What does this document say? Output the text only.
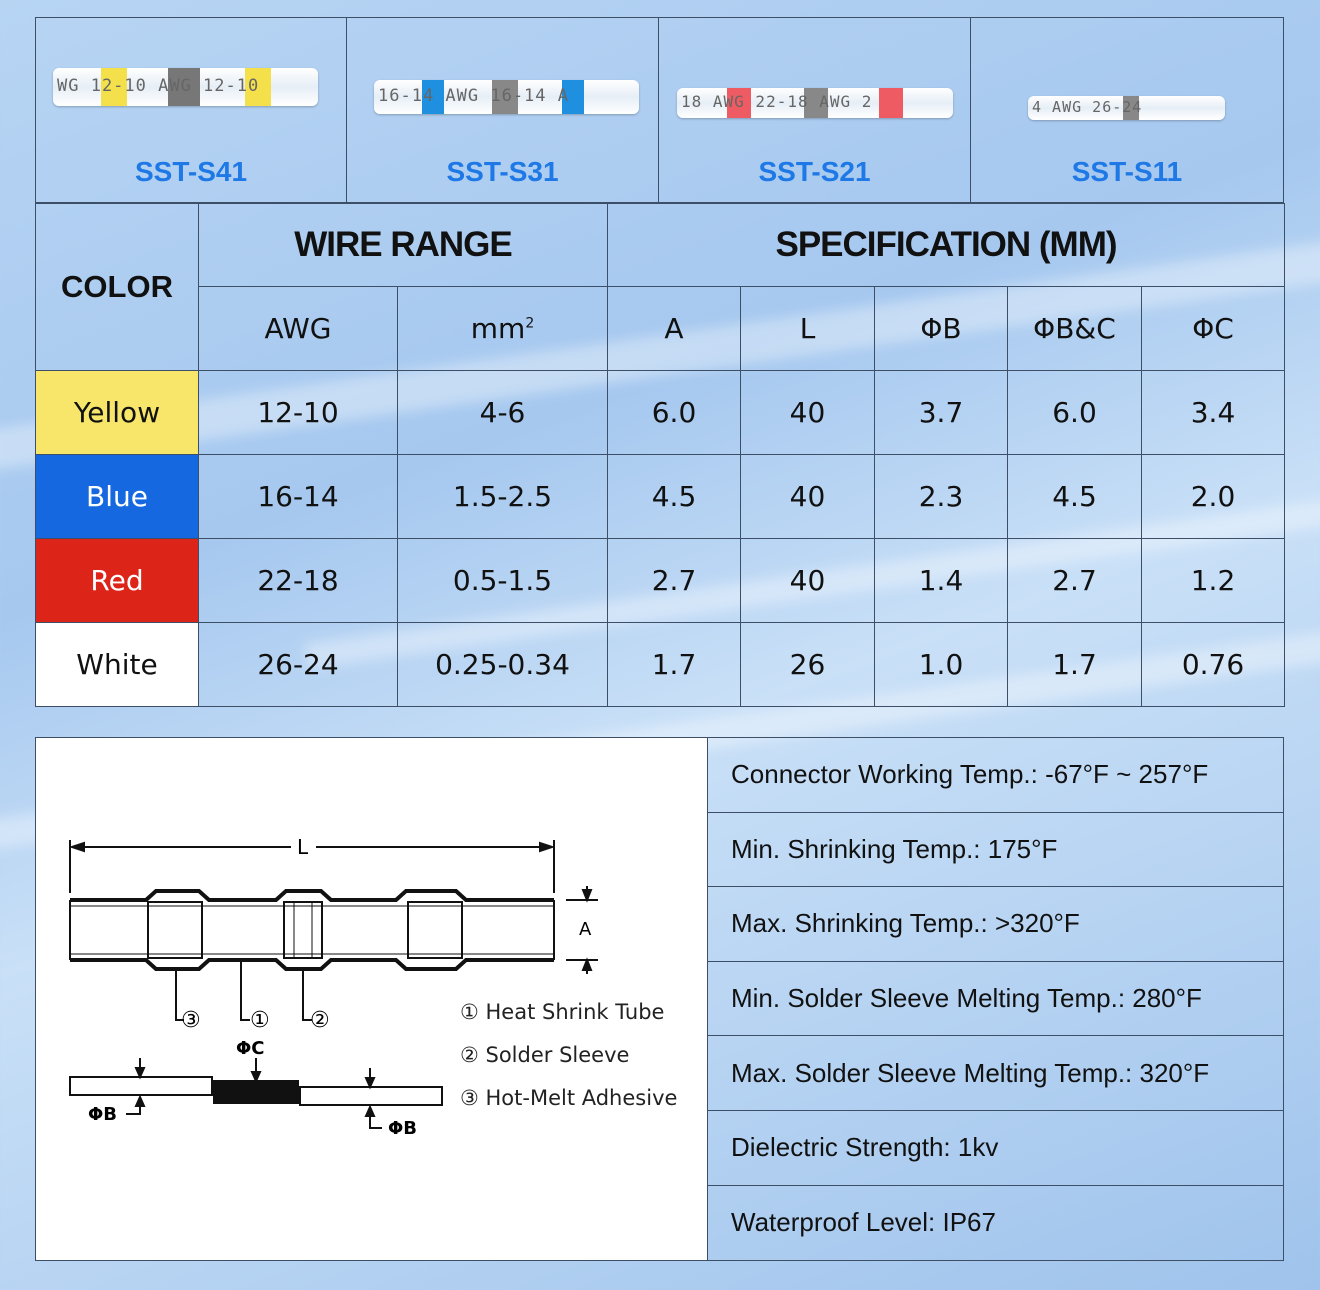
WG 12-10 AWG 12-10
SST-S41
16-14 AWG 16-14 A
SST-S31
18 AWG 22-18 AWG 2
SST-S21
4 AWG 26-24
SST-S11
COLOR	WIRE RANGE		SPECIFICATION (MM)				
	AWG	$mm^2$	A	L	ΦB	ΦB&C	ΦC
Yellow	12-10	4-6	6.0	40	3.7	6.0	3.4
Blue	16-14	1.5-2.5	4.5	40	2.3	4.5	2.0
Red	22-18	0.5-1.5	2.7	40	1.4	2.7	1.2
White	26-24	0.25-0.34	1.7	26	1.0	1.7	0.76
L
A
③ ① ②
ΦC
ΦB
ΦB
① Heat Shrink Tube
② Solder Sleeve
③ Hot-Melt Adhesive
Connector Working Temp.: -67°F ~ 257°F
Min. Shrinking Temp.: 175°F
Max. Shrinking Temp.: >320°F
Min. Solder Sleeve Melting Temp.: 280°F
Max. Solder Sleeve Melting Temp.: 320°F
Dielectric Strength: 1kv
Waterproof Level: IP67
